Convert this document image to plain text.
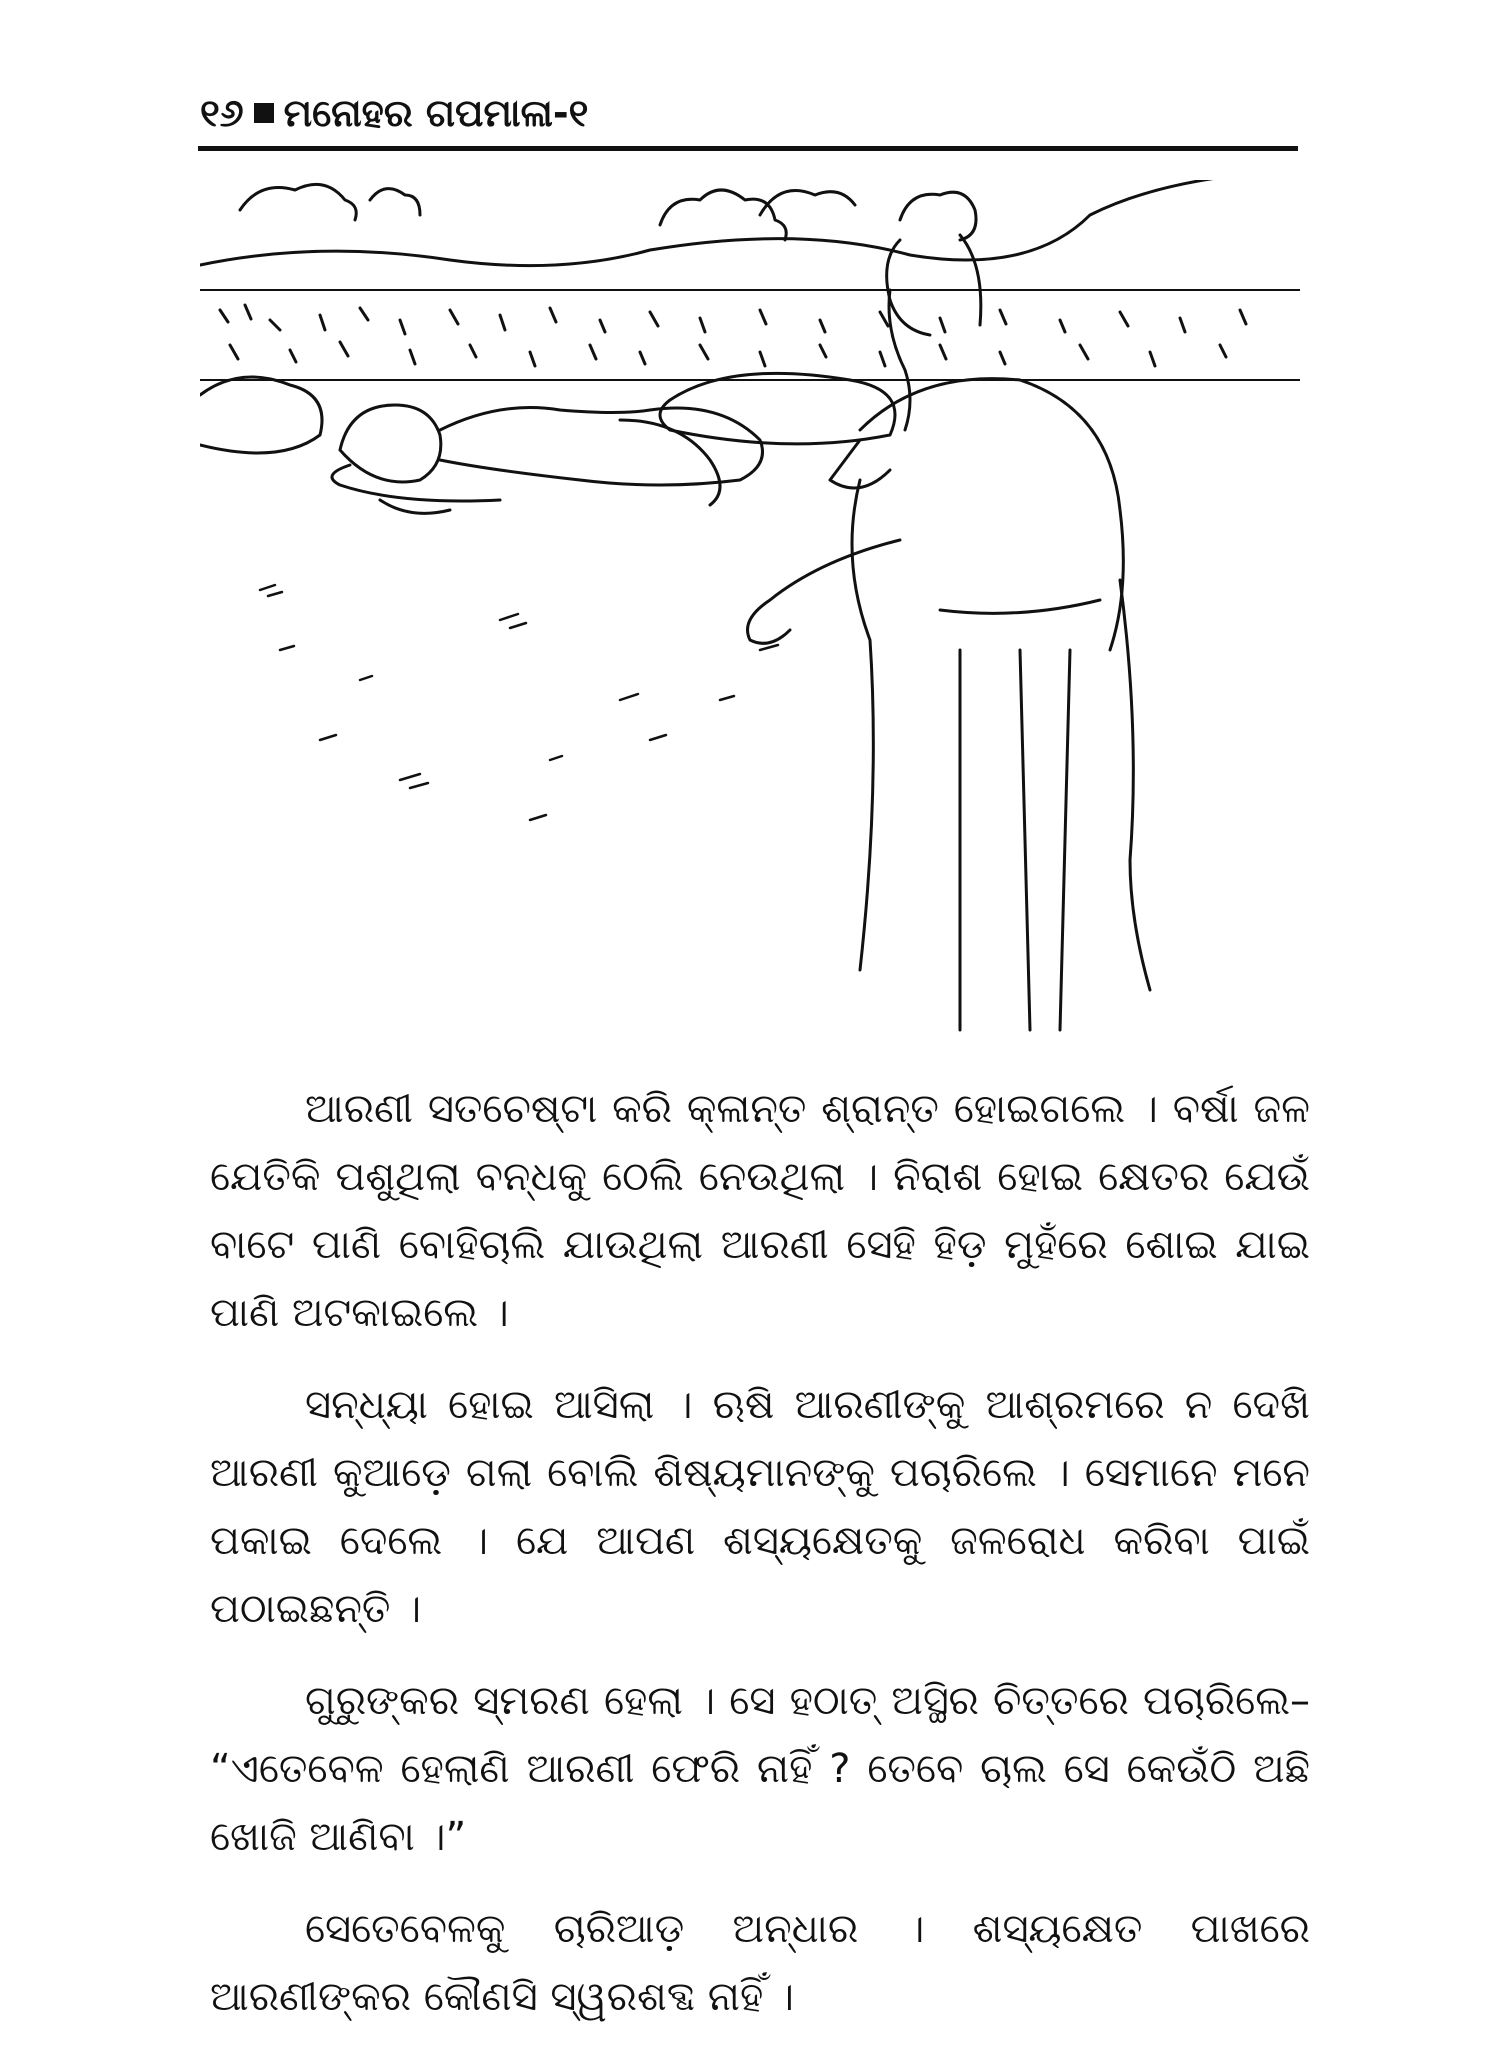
୧୬ ମନୋହର ଗପମାଳା-୧

ଆରଣୀ ସତଚେଷ୍ଟା କରି କ୍ଳାନ୍ତ ଶ୍ରାନ୍ତ ହୋଇଗଲେ । ବର୍ଷା ଜଳ ଯେତିକି ପଶୁଥିଲା ବନ୍ଧକୁ ଠେଲି ନେଉଥିଲା । ନିରାଶ ହୋଇ କ୍ଷେତର ଯେଉଁ ବାଟେ ପାଣି ବୋହିଚାଲି ଯାଉଥିଲା ଆରଣୀ ସେହି ହିଡ଼ ମୁହଁରେ ଶୋଇ ଯାଇ ପାଣି ଅଟକାଇଲେ ।

ସନ୍ଧ୍ୟା ହୋଇ ଆସିଲା । ଋଷି ଆରଣୀଙ୍କୁ ଆଶ୍ରମରେ ନ ଦେଖି ଆରଣୀ କୁଆଡ଼େ ଗଲା ବୋଲି ଶିଷ୍ୟମାନଙ୍କୁ ପଚାରିଲେ । ସେମାନେ ମନେ ପକାଇ ଦେଲେ । ଯେ ଆପଣ ଶସ୍ୟକ୍ଷେତକୁ ଜଳରୋଧ କରିବା ପାଇଁ ପଠାଇଛନ୍ତି ।

ଗୁରୁଙ୍କର ସ୍ମରଣ ହେଲା । ସେ ହଠାତ୍ ଅସ୍ଥିର ଚିତ୍ତରେ ପଚାରିଲେ– “ଏତେବେଳ ହେଲାଣି ଆରଣୀ ଫେରି ନାହିଁ ? ତେବେ ଚାଲ ସେ କେଉଁଠି ଅଛି ଖୋଜି ଆଣିବା ।”

ସେତେବେଳକୁ ଚାରିଆଡ଼ ଅନ୍ଧାର । ଶସ୍ୟକ୍ଷେତ ପାଖରେ ଆରଣୀଙ୍କର କୌଣସି ସ୍ୱରଶବ୍ଦ ନାହିଁ ।
